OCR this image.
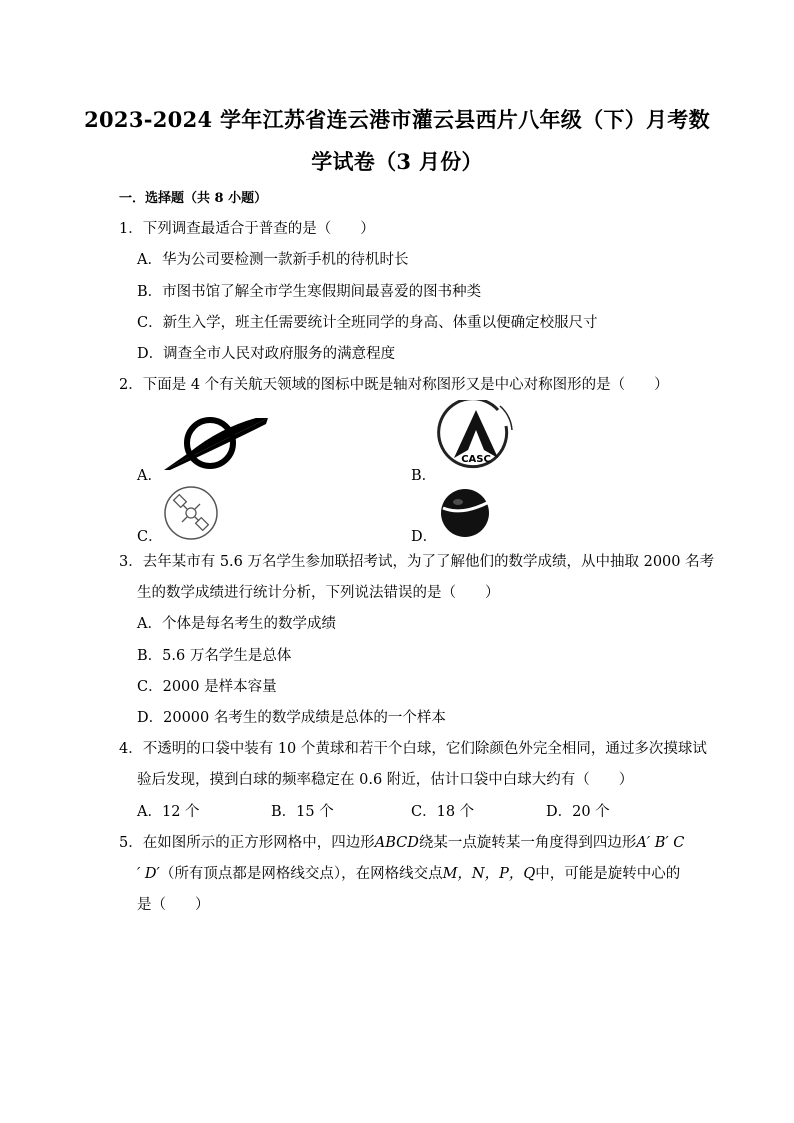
2023-2024 学年江苏省连云港市灌云县西片八年级（下）月考数
学试卷（3 月份）
一．选择题（共 8 小题）
1．下列调查最适合于普查的是（　　）
A．华为公司要检测一款新手机的待机时长
B．市图书馆了解全市学生寒假期间最喜爱的图书种类
C．新生入学，班主任需要统计全班同学的身高、体重以便确定校服尺寸
D．调查全市人民对政府服务的满意程度
2．下面是 4 个有关航天领域的图标中既是轴对称图形又是中心对称图形的是（　　）
A．	B．
CASC
C．	D．
3．去年某市有 5.6 万名学生参加联招考试，为了了解他们的数学成绩，从中抽取 2000 名考
生的数学成绩进行统计分析，下列说法错误的是（　　）
A．个体是每名考生的数学成绩
B．5.6 万名学生是总体
C．2000 是样本容量
D．20000 名考生的数学成绩是总体的一个样本
4．不透明的口袋中装有 10 个黄球和若干个白球，它们除颜色外完全相同，通过多次摸球试
验后发现，摸到白球的频率稳定在 0.6 附近，估计口袋中白球大约有（　　）
A．12 个	B．15 个	C．18 个	D．20 个
5．在如图所示的正方形网格中，四边形ABCD绕某一点旋转某一角度得到四边形A′ B′ C
′ D′（所有顶点都是网格线交点），在网格线交点M，N，P，Q中，可能是旋转中心的
是（　　）
